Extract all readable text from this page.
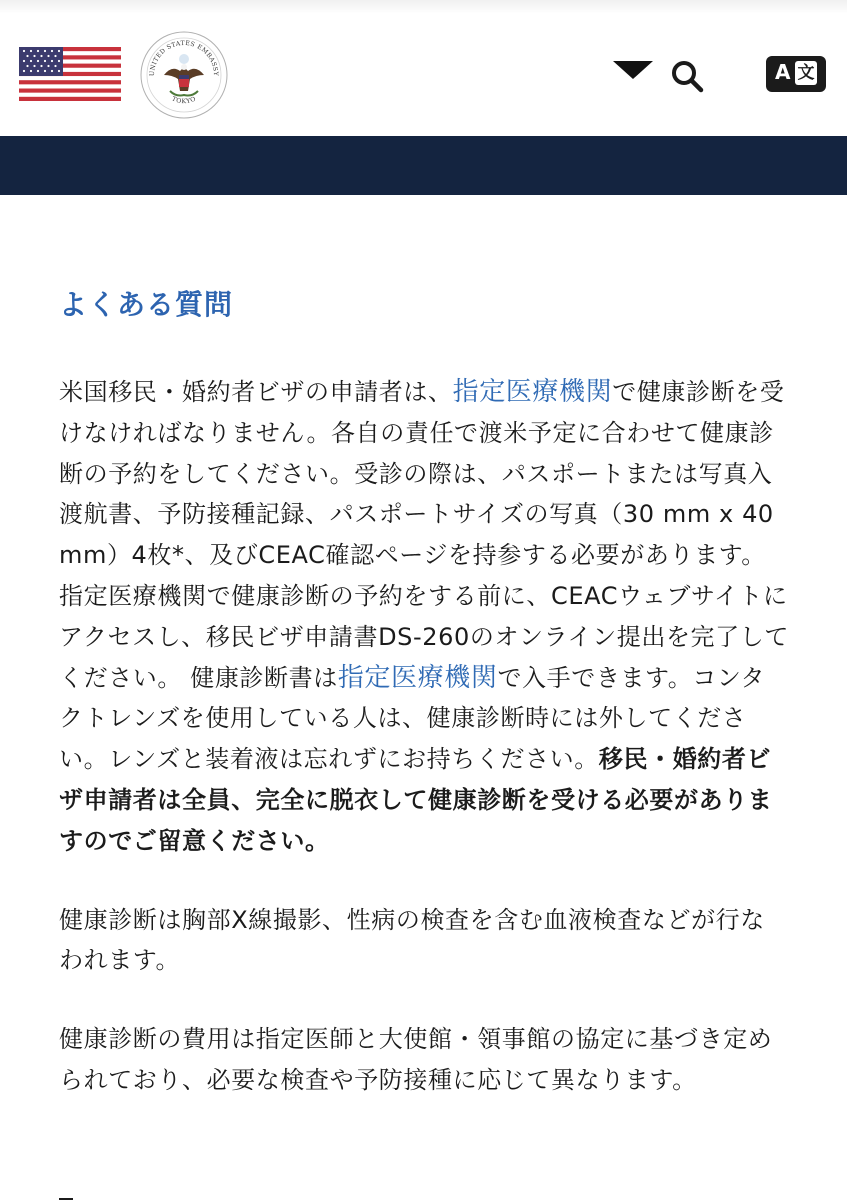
UNITED STATES EMBASSY
TOKYO
A 文
よくある質問

米国移民・婚約者ビザの申請者は、指定医療機関で健康診断を受けなければなりません。各自の責任で渡米予定に合わせて健康診断の予約をしてください。受診の際は、パスポートまたは写真入渡航書、予防接種記録、パスポートサイズの写真（30 mm x 40 mm）4枚*、及びCEAC確認ページを持参する必要があります。指定医療機関で健康診断の予約をする前に、CEACウェブサイトにアクセスし、移民ビザ申請書DS-260のオンライン提出を完了してください。 健康診断書は指定医療機関で入手できます。コンタクトレンズを使用している人は、健康診断時には外してください。レンズと装着液は忘れずにお持ちください。移民・婚約者ビザ申請者は全員、完全に脱衣して健康診断を受ける必要がありますのでご留意ください。

健康診断は胸部X線撮影、性病の検査を含む血液検査などが行なわれます。

健康診断の費用は指定医師と大使館・領事館の協定に基づき定められており、必要な検査や予防接種に応じて異なります。
